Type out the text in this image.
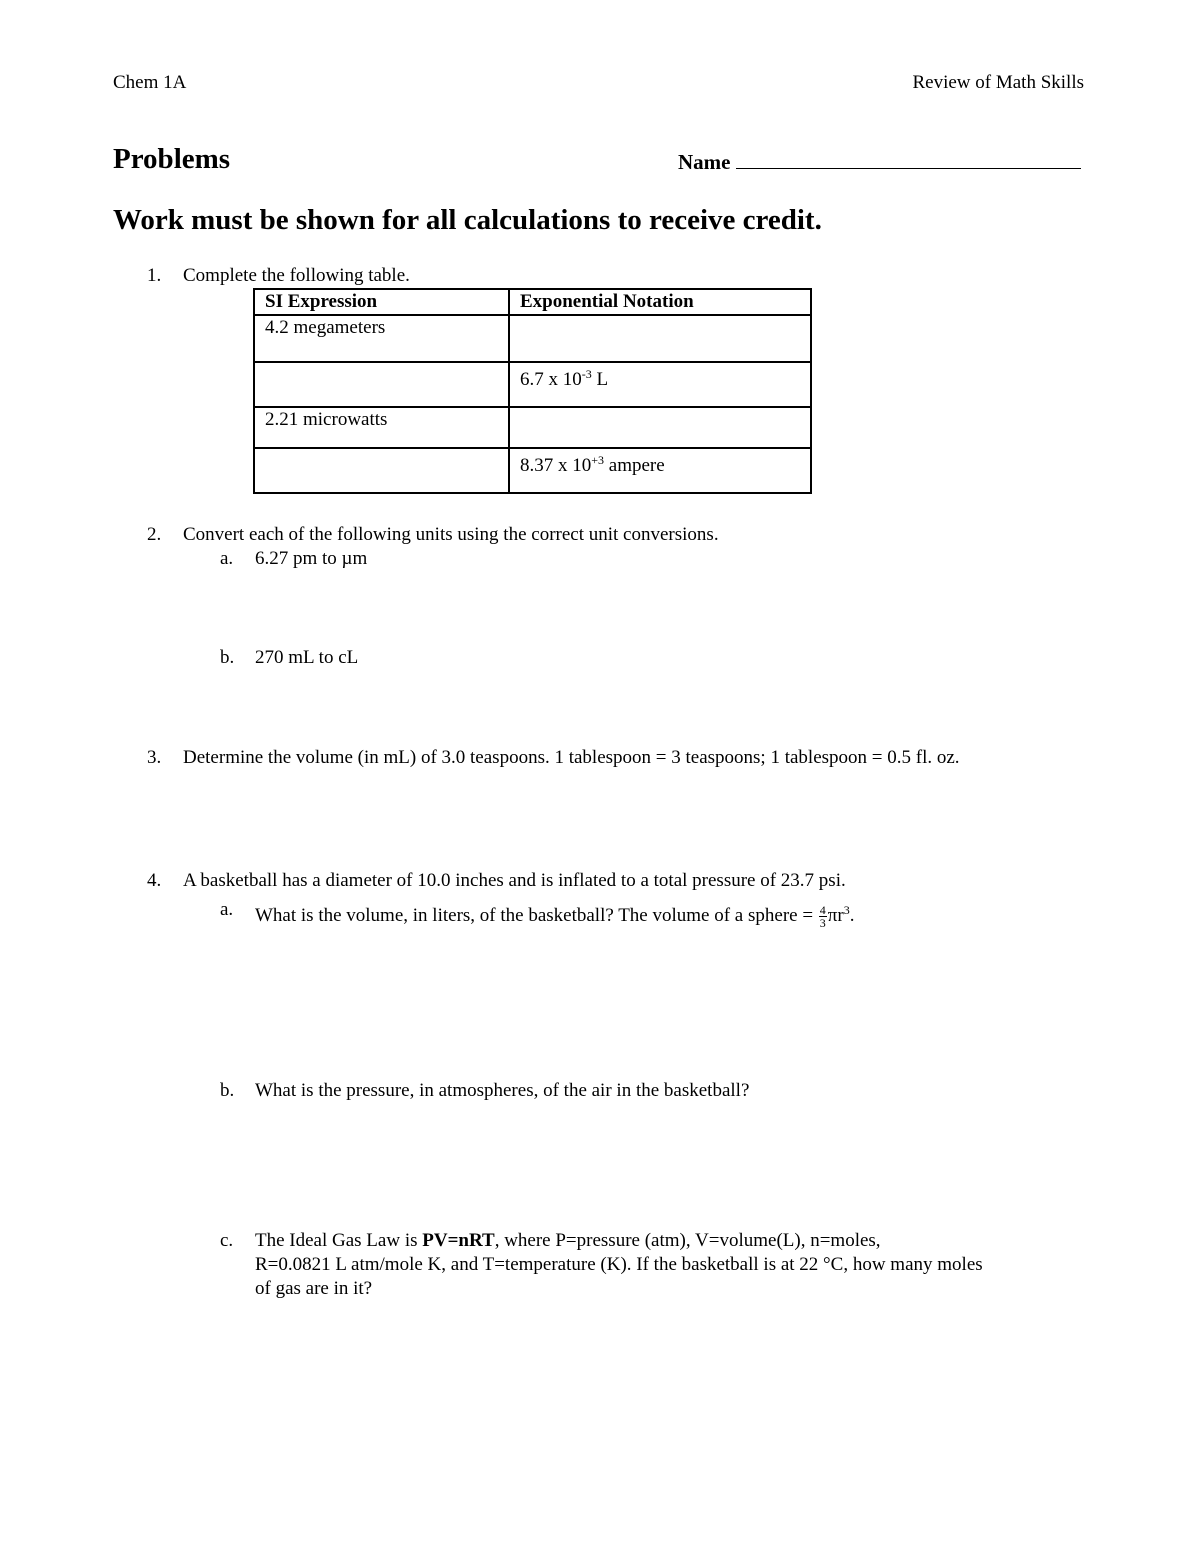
Chem 1A	Review of Math Skills
Problems	Name
Work must be shown for all calculations to receive credit.
1. Complete the following table.
SI Expression	Exponential Notation
4.2 megameters	
	6.7 x $10^{-3}$ L
2.21 microwatts	
	8.37 x $10^{+3}$ ampere
2. Convert each of the following units using the correct unit conversions.
a. 6.27 pm to µm
b. 270 mL to cL
3. Determine the volume (in mL) of 3.0 teaspoons. 1 tablespoon = 3 teaspoons; 1 tablespoon = 0.5 fl. oz.
4. A basketball has a diameter of 10.0 inches and is inflated to a total pressure of 23.7 psi.
a. What is the volume, in liters, of the basketball? The volume of a sphere = $\frac{4}{3} \pi r^3$.
b. What is the pressure, in atmospheres, of the air in the basketball?
c. The Ideal Gas Law is PV=nRT, where P=pressure (atm), V=volume(L), n=moles,
R=0.0821 L atm/mole K, and T=temperature (K). If the basketball is at 22 °C, how many moles
of gas are in it?
